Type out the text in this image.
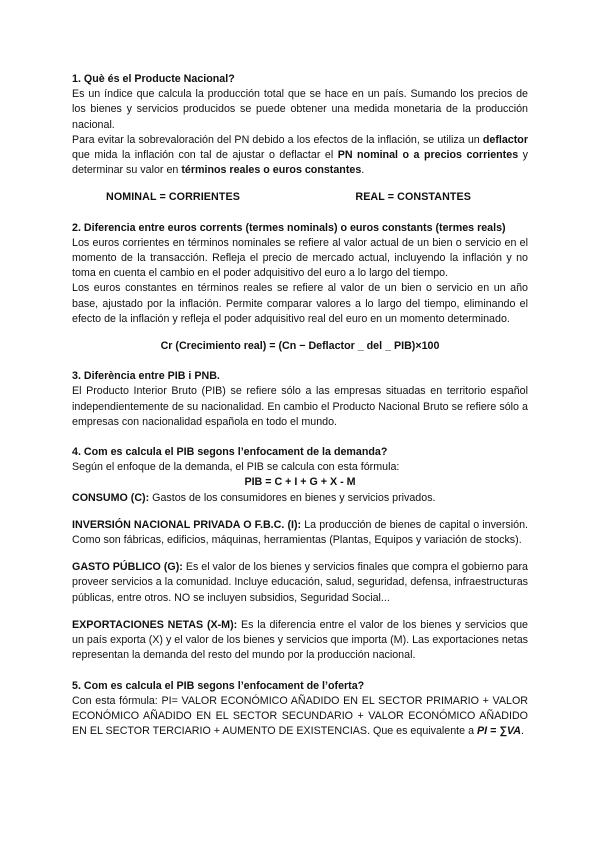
1. Què és el Producte Nacional?

Es un índice que calcula la producción total que se hace en un país. Sumando los precios de los bienes y servicios producidos se puede obtener una medida monetaria de la producción nacional.

Para evitar la sobrevaloración del PN debido a los efectos de la inflación, se utiliza un deflactor que mida la inflación con tal de ajustar o deflactar el PN nominal o a precios corrientes y determinar su valor en términos reales o euros constantes.

NOMINAL = CORRIENTES	REAL = CONSTANTES

2. Diferencia entre euros corrents (termes nominals) o euros constants (termes reals)

Los euros corrientes en términos nominales se refiere al valor actual de un bien o servicio en el momento de la transacción. Refleja el precio de mercado actual, incluyendo la inflación y no toma en cuenta el cambio en el poder adquisitivo del euro a lo largo del tiempo.

Los euros constantes en términos reales se refiere al valor de un bien o servicio en un año base, ajustado por la inflación. Permite comparar valores a lo largo del tiempo, eliminando el efecto de la inflación y refleja el poder adquisitivo real del euro en un momento determinado.

Cr (Crecimiento real) = (Cn − Deflactor _ del _ PIB)×100

3. Diferència entre PIB i PNB.

El Producto Interior Bruto (PIB) se refiere sólo a las empresas situadas en territorio español independientemente de su nacionalidad. En cambio el Producto Nacional Bruto se refiere sólo a empresas con nacionalidad española en todo el mundo.

4. Com es calcula el PIB segons l’enfocament de la demanda?

Según el enfoque de la demanda, el PIB se calcula con esta fórmula:

PIB = C + I + G + X - M

CONSUMO (C): Gastos de los consumidores en bienes y servicios privados.

INVERSIÓN NACIONAL PRIVADA O F.B.C. (I): La producción de bienes de capital o inversión. Como son fábricas, edificios, máquinas, herramientas (Plantas, Equipos y variación de stocks).

GASTO PÚBLICO (G): Es el valor de los bienes y servicios finales que compra el gobierno para proveer servicios a la comunidad. Incluye educación, salud, seguridad, defensa, infraestructuras públicas, entre otros. NO se incluyen subsidios, Seguridad Social...

EXPORTACIONES NETAS (X-M): Es la diferencia entre el valor de los bienes y servicios que un país exporta (X) y el valor de los bienes y servicios que importa (M). Las exportaciones netas representan la demanda del resto del mundo por la producción nacional.

5. Com es calcula el PIB segons l’enfocament de l’oferta?

Con esta fórmula: PI= VALOR ECONÓMICO AÑADIDO EN EL SECTOR PRIMARIO + VALOR ECONÓMICO AÑADIDO EN EL SECTOR SECUNDARIO + VALOR ECONÓMICO AÑADIDO EN EL SECTOR TERCIARIO + AUMENTO DE EXISTENCIAS. Que es equivalente a PI = ∑VA.
